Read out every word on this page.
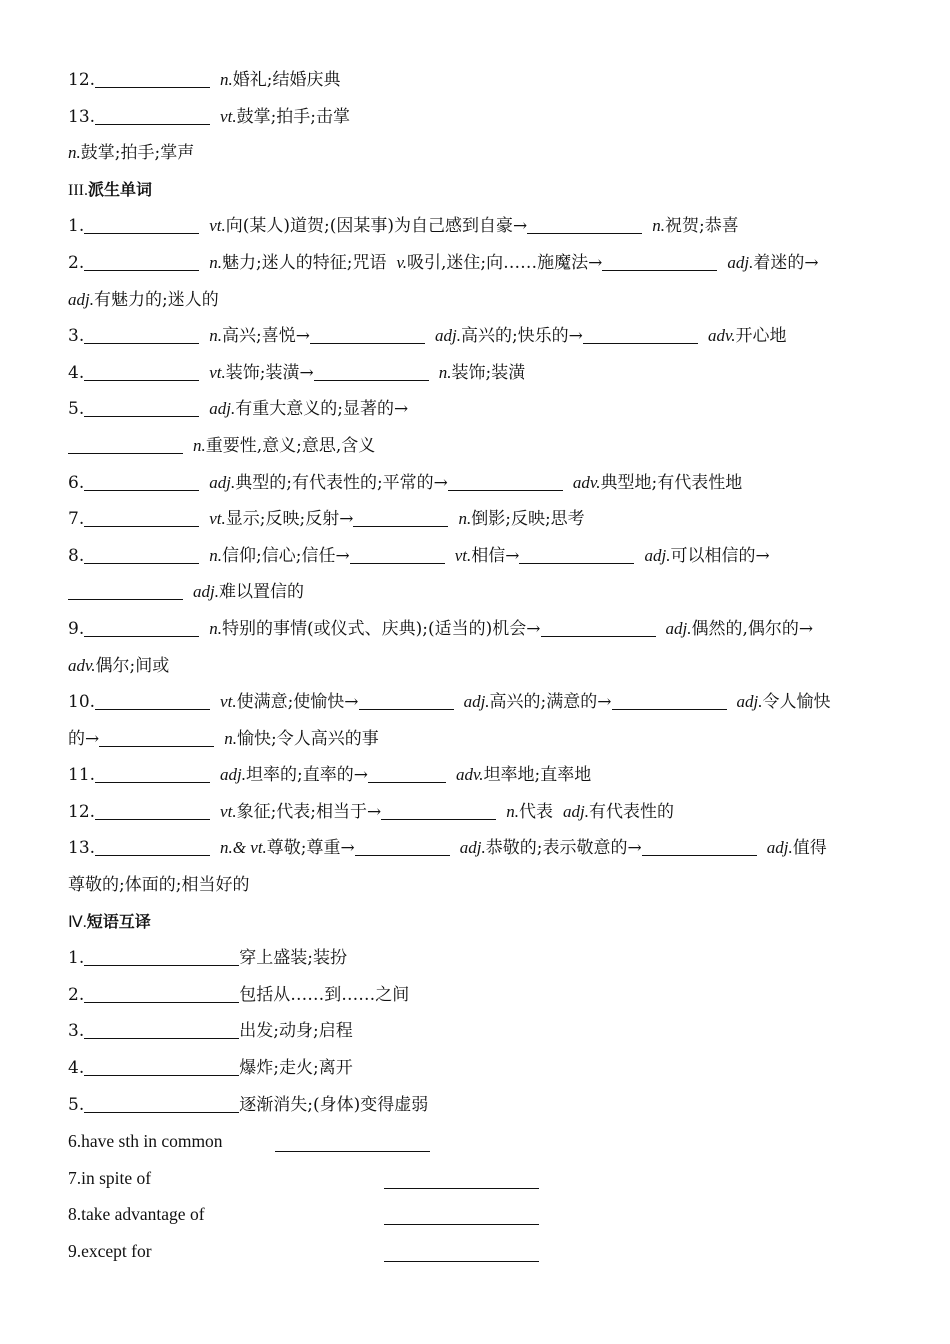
12.	n.婚礼;结婚庆典
13.	vt.鼓掌;拍手;击掌
n.鼓掌;拍手;掌声
III.派生单词
1.	vt.向(某人)道贺;(因某事)为自己感到自豪→	n.祝贺;恭喜
2.	n.魅力;迷人的特征;咒语 v.吸引,迷住;向……施魔法→	adj.着迷的→
adj.有魅力的;迷人的
3.	n.高兴;喜悦→	adj.高兴的;快乐的→	adv.开心地
4.	vt.装饰;装潢→	n.装饰;装潢
5.	adj.有重大意义的;显著的→
n.重要性,意义;意思,含义
6.	adj.典型的;有代表性的;平常的→	adv.典型地;有代表性地
7.	vt.显示;反映;反射→	n.倒影;反映;思考
8.	n.信仰;信心;信任→	vt.相信→	adj.可以相信的→
adj.难以置信的
9.	n.特别的事情(或仪式、庆典);(适当的)机会→	adj.偶然的,偶尔的→
adv.偶尔;间或
10.	vt.使满意;使愉快→	adj.高兴的;满意的→	adj.令人愉快
的→	n.愉快;令人高兴的事
11.	adj.坦率的;直率的→	adv.坦率地;直率地
12.	vt.象征;代表;相当于→	n.代表 adj.有代表性的
13.	n.& vt.尊敬;尊重→	adj.恭敬的;表示敬意的→	adj.值得
尊敬的;体面的;相当好的
Ⅳ.短语互译
1.	穿上盛装;装扮
2.	包括从……到……之间
3.	出发;动身;启程
4.	爆炸;走火;离开
5.	逐渐消失;(身体)变得虚弱
6.have sth in common
7.in spite of
8.take advantage of
9.except for
